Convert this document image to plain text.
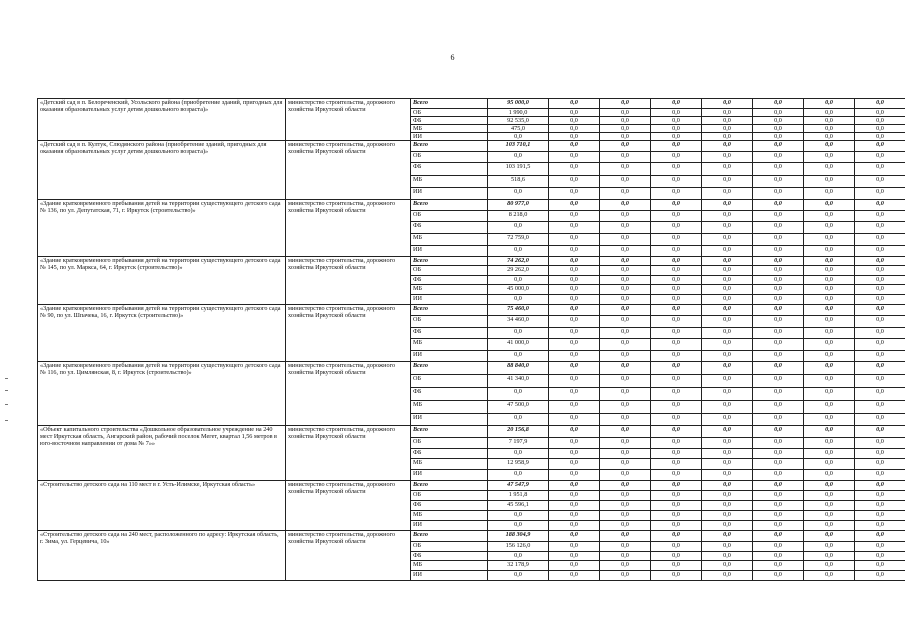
6
«Детский сад в п. Белореченский, Усольского района (приобретение зданий, пригодных для оказания образовательных услуг детям дошкольного возраста)»	министерство строительства, дорожного хозяйства Иркутской области	Всего	95 000,0	0,0	0,0	0,0	0,0	0,0	0,0	0,0
		ОБ	1 990,0	0,0	0,0	0,0	0,0	0,0	0,0	0,0
		ФБ	92 535,0	0,0	0,0	0,0	0,0	0,0	0,0	0,0
		МБ	475,0	0,0	0,0	0,0	0,0	0,0	0,0	0,0
		ИИ	0,0	0,0	0,0	0,0	0,0	0,0	0,0	0,0
«Детский сад в п. Култук, Слюдянского района (приобретение зданий, пригодных для оказания образовательных услуг детям дошкольного возраста)»	министерство строительства, дорожного хозяйства Иркутской области	Всего	103 710,1	0,0	0,0	0,0	0,0	0,0	0,0	0,0
		ОБ	0,0	0,0	0,0	0,0	0,0	0,0	0,0	0,0
		ФБ	103 191,5	0,0	0,0	0,0	0,0	0,0	0,0	0,0
		МБ	518,6	0,0	0,0	0,0	0,0	0,0	0,0	0,0
		ИИ	0,0	0,0	0,0	0,0	0,0	0,0	0,0	0,0
«Здание кратковременного пребывания детей на территории существующего детского сада № 136, по ул. Депутатская, 71, г. Иркутск (строительство)»	министерство строительства, дорожного хозяйства Иркутской области	Всего	80 977,0	0,0	0,0	0,0	0,0	0,0	0,0	0,0
		ОБ	8 218,0	0,0	0,0	0,0	0,0	0,0	0,0	0,0
		ФБ	0,0	0,0	0,0	0,0	0,0	0,0	0,0	0,0
		МБ	72 759,0	0,0	0,0	0,0	0,0	0,0	0,0	0,0
		ИИ	0,0	0,0	0,0	0,0	0,0	0,0	0,0	0,0
«Здание кратковременного пребывания детей на территории существующего детского сада № 145, по ул. Маркса, 64, г. Иркутск (строительство)»	министерство строительства, дорожного хозяйства Иркутской области	Всего	74 262,0	0,0	0,0	0,0	0,0	0,0	0,0	0,0
		ОБ	29 262,0	0,0	0,0	0,0	0,0	0,0	0,0	0,0
		ФБ	0,0	0,0	0,0	0,0	0,0	0,0	0,0	0,0
		МБ	45 000,0	0,0	0,0	0,0	0,0	0,0	0,0	0,0
		ИИ	0,0	0,0	0,0	0,0	0,0	0,0	0,0	0,0
«Здание кратковременного пребывания детей на территории существующего детского сада № 90, по ул. Шпачека, 16, г. Иркутск (строительство)»	министерство строительства, дорожного хозяйства Иркутской области	Всего	75 460,0	0,0	0,0	0,0	0,0	0,0	0,0	0,0
		ОБ	34 460,0	0,0	0,0	0,0	0,0	0,0	0,0	0,0
		ФБ	0,0	0,0	0,0	0,0	0,0	0,0	0,0	0,0
		МБ	41 000,0	0,0	0,0	0,0	0,0	0,0	0,0	0,0
		ИИ	0,0	0,0	0,0	0,0	0,0	0,0	0,0	0,0
«Здание кратковременного пребывания детей на территории существующего детского сада № 116, по ул. Цимлянская, 8, г. Иркутск (строительство)»	министерство строительства, дорожного хозяйства Иркутской области	Всего	88 840,0	0,0	0,0	0,0	0,0	0,0	0,0	0,0
		ОБ	41 340,0	0,0	0,0	0,0	0,0	0,0	0,0	0,0
		ФБ	0,0	0,0	0,0	0,0	0,0	0,0	0,0	0,0
		МБ	47 500,0	0,0	0,0	0,0	0,0	0,0	0,0	0,0
		ИИ	0,0	0,0	0,0	0,0	0,0	0,0	0,0	0,0
«Объект капитального строительства «Дошкольное образовательное учреждение на 240 мест Иркутская область, Ангарский район, рабочий поселок Мегет, квартал 1,56 метров в юго-восточном направлении от дома № 7»»	министерство строительства, дорожного хозяйства Иркутской области	Всего	20 156,8	0,0	0,0	0,0	0,0	0,0	0,0	0,0
		ОБ	7 197,9	0,0	0,0	0,0	0,0	0,0	0,0	0,0
		ФБ	0,0	0,0	0,0	0,0	0,0	0,0	0,0	0,0
		МБ	12 958,9	0,0	0,0	0,0	0,0	0,0	0,0	0,0
		ИИ	0,0	0,0	0,0	0,0	0,0	0,0	0,0	0,0
«Строительство детского сада на 110 мест в г. Усть-Илимске, Иркутская область»	министерство строительства, дорожного хозяйства Иркутской области	Всего	47 547,9	0,0	0,0	0,0	0,0	0,0	0,0	0,0
		ОБ	1 951,8	0,0	0,0	0,0	0,0	0,0	0,0	0,0
		ФБ	45 596,1	0,0	0,0	0,0	0,0	0,0	0,0	0,0
		МБ	0,0	0,0	0,0	0,0	0,0	0,0	0,0	0,0
		ИИ	0,0	0,0	0,0	0,0	0,0	0,0	0,0	0,0
«Строительство детского сада на 240 мест, расположенного по адресу: Иркутская область, г. Зима, ул. Герцевича, 10»	министерство строительства, дорожного хозяйства Иркутской области	Всего	188 304,9	0,0	0,0	0,0	0,0	0,0	0,0	0,0
		ОБ	156 126,0	0,0	0,0	0,0	0,0	0,0	0,0	0,0
		ФБ	0,0	0,0	0,0	0,0	0,0	0,0	0,0	0,0
		МБ	32 178,9	0,0	0,0	0,0	0,0	0,0	0,0	0,0
		ИИ	0,0	0,0	0,0	0,0	0,0	0,0	0,0	0,0
